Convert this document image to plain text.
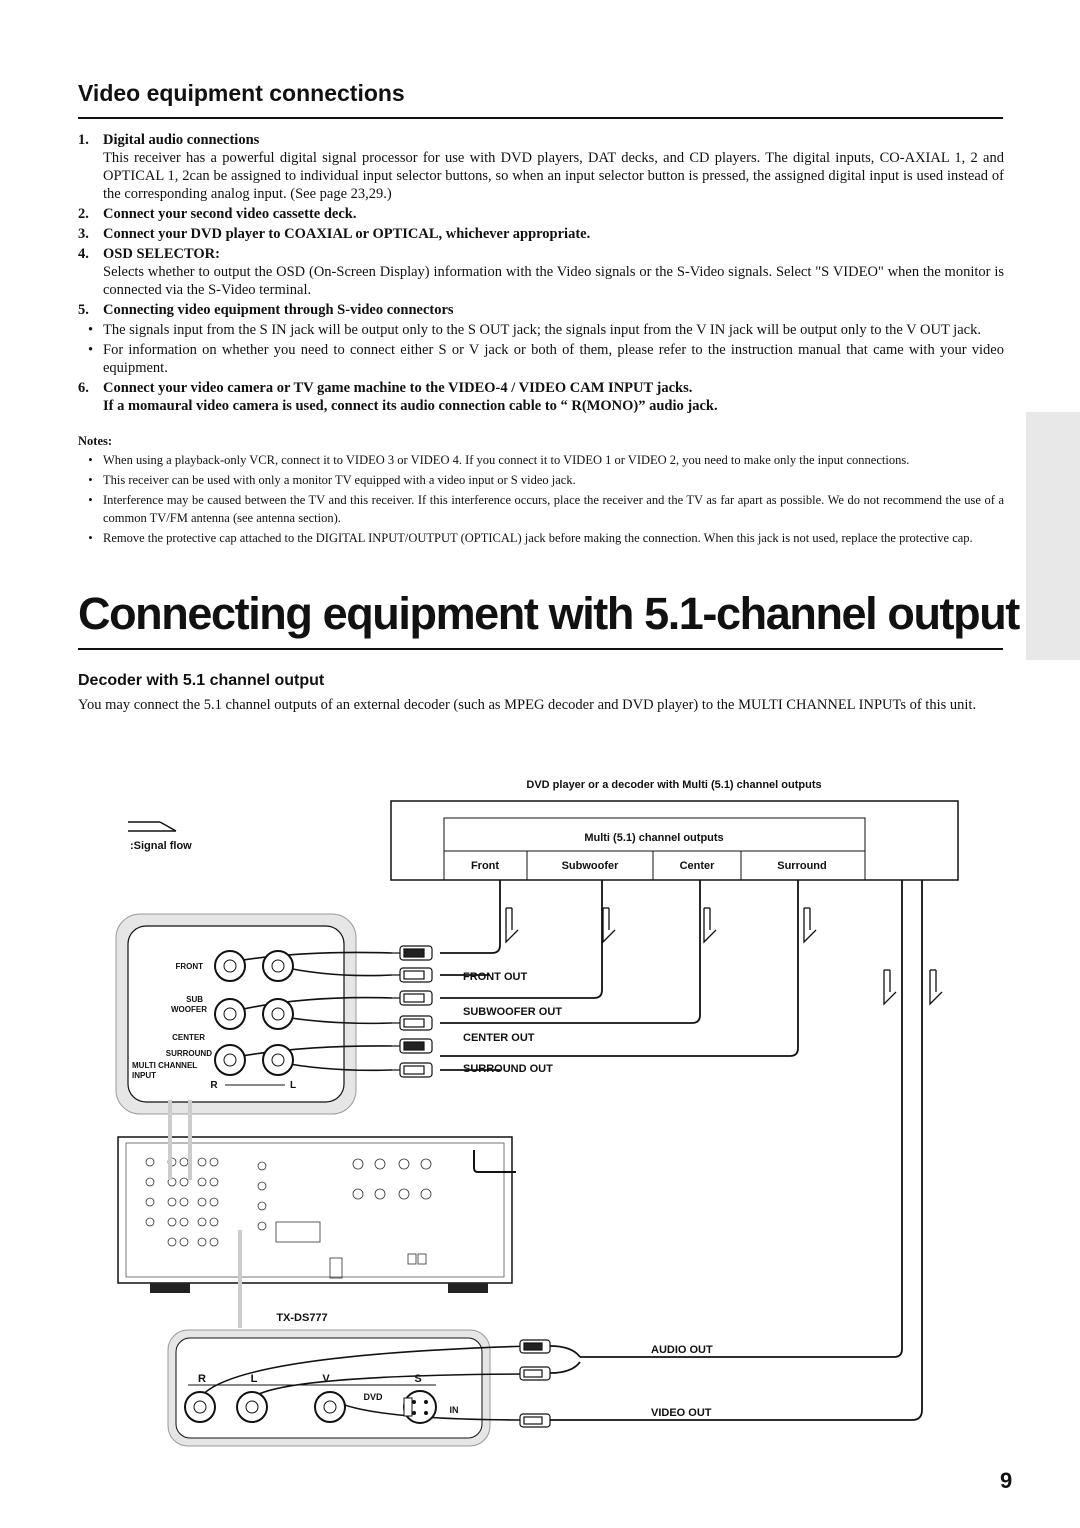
Video equipment connections
1. Digital audio connections
This receiver has a powerful digital signal processor for use with DVD players, DAT decks, and CD players. The digital inputs, CO-AXIAL 1, 2 and OPTICAL 1, 2can be assigned to individual input selector buttons, so when an input selector button is pressed, the assigned digital input is used instead of the corresponding analog input. (See page 23,29.)
2. Connect your second video cassette deck.
3. Connect your DVD player to COAXIAL or OPTICAL, whichever appropriate.
4. OSD SELECTOR:
Selects whether to output the OSD (On-Screen Display) information with the Video signals or the S-Video signals. Select "S VIDEO" when the monitor is connected via the S-Video terminal.
5. Connecting video equipment through S-video connectors
• The signals input from the S IN jack will be output only to the S OUT jack; the signals input from the V IN jack will be output only to the V OUT jack.
• For information on whether you need to connect either S or V jack or both of them, please refer to the instruction manual that came with your video equipment.
6. Connect your video camera or TV game machine to the VIDEO-4 / VIDEO CAM INPUT jacks.
If a momaural video camera is used, connect its audio connection cable to “ R(MONO)” audio jack.
Notes:
• When using a playback-only VCR, connect it to VIDEO 3 or VIDEO 4. If you connect it to VIDEO 1 or VIDEO 2, you need to make only the input connections.
• This receiver can be used with only a monitor TV equipped with a video input or S video jack.
• Interference may be caused between the TV and this receiver. If this interference occurs, place the receiver and the TV as far apart as possible. We do not recommend the use of a common TV/FM antenna (see antenna section).
• Remove the protective cap attached to the DIGITAL INPUT/OUTPUT (OPTICAL) jack before making the connection. When this jack is not used, replace the protective cap.
Connecting equipment with 5.1-channel output
Decoder with 5.1 channel output
You may connect the 5.1 channel outputs of an external decoder (such as MPEG decoder and DVD player) to the MULTI CHANNEL INPUTs of this unit.
DVD player or a decoder with Multi (5.1) channel outputs
:Signal flow
Multi (5.1) channel outputs
Front	Subwoofer	Center	Surround
FRONT OUT
SUBWOOFER OUT
CENTER OUT
SURROUND OUT
FRONT
SUB
WOOFER
CENTER
SURROUND
MULTI CHANNEL
INPUT
R	L
TX-DS777
R	L	V	S
DVD
IN
AUDIO OUT
VIDEO OUT
9
